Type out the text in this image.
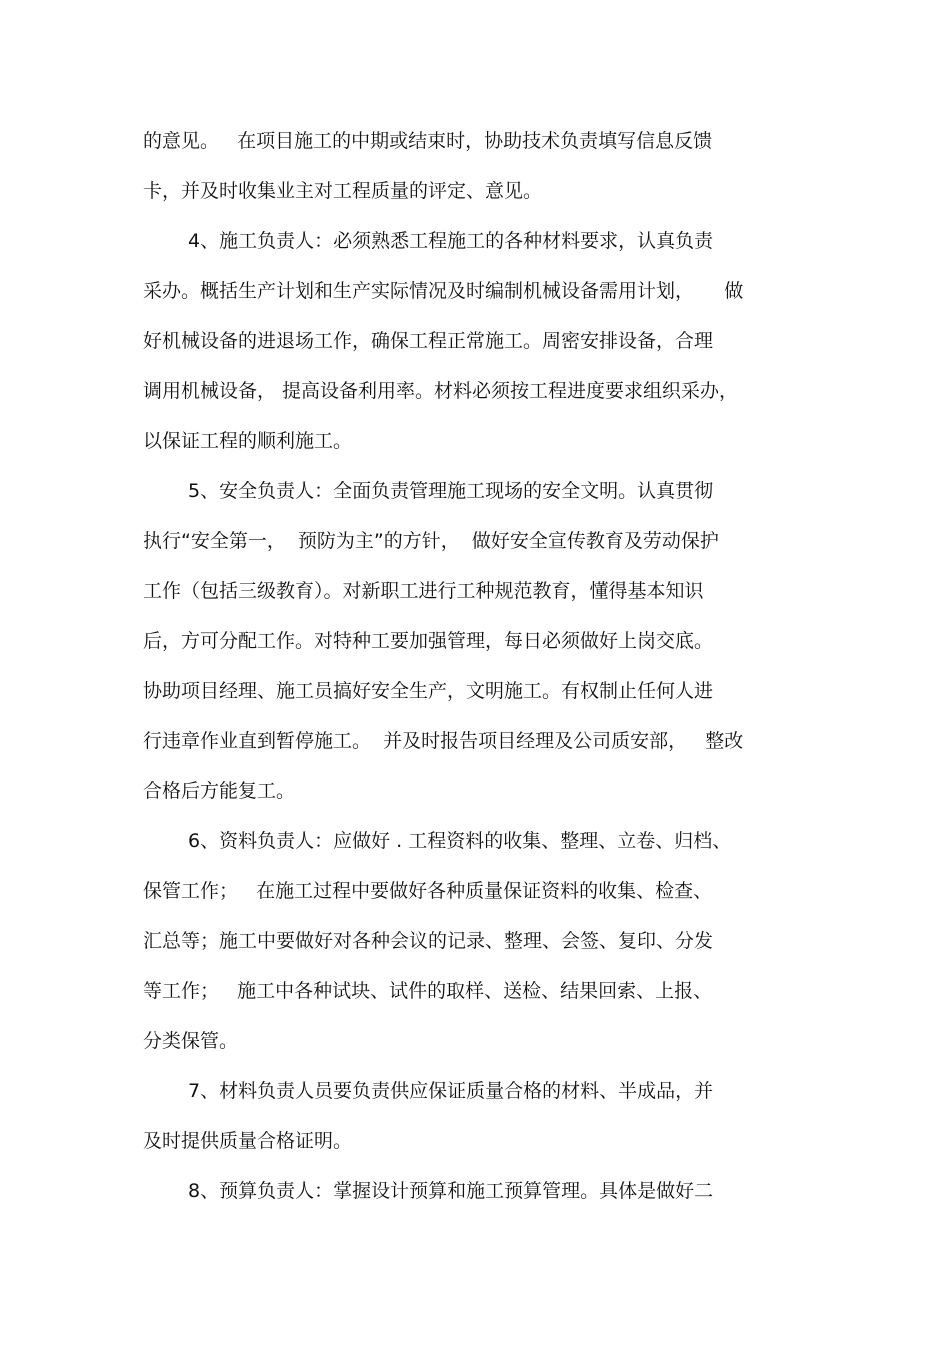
的意见。   在项目施工的中期或结束时，协助技术负责填写信息反馈
卡，并及时收集业主对工程质量的评定、意见。
4、施工负责人：必须熟悉工程施工的各种材料要求，认真负责
采办。概括生产计划和生产实际情况及时编制机械设备需用计划，     做
好机械设备的进退场工作，确保工程正常施工。周密安排设备，合理
调用机械设备， 提高设备利用率。材料必须按工程进度要求组织采办，
以保证工程的顺利施工。
5、安全负责人：全面负责管理施工现场的安全文明。认真贯彻
执行“安全第一，  预防为主”的方针，  做好安全宣传教育及劳动保护
工作（包括三级教育）。对新职工进行工种规范教育，懂得基本知识
后，方可分配工作。对特种工要加强管理，每日必须做好上岗交底。
协助项目经理、施工员搞好安全生产，文明施工。有权制止任何人进
行违章作业直到暂停施工。  并及时报告项目经理及公司质安部，   整改
合格后方能复工。
6、资料负责人：应做好 . 工程资料的收集、整理、立卷、归档、
保管工作；   在施工过程中要做好各种质量保证资料的收集、检查、
汇总等；施工中要做好对各种会议的记录、整理、会签、复印、分发
等工作；   施工中各种试块、试件的取样、送检、结果回索、上报、
分类保管。
7、材料负责人员要负责供应保证质量合格的材料、半成品，并
及时提供质量合格证明。
8、预算负责人：掌握设计预算和施工预算管理。具体是做好二
